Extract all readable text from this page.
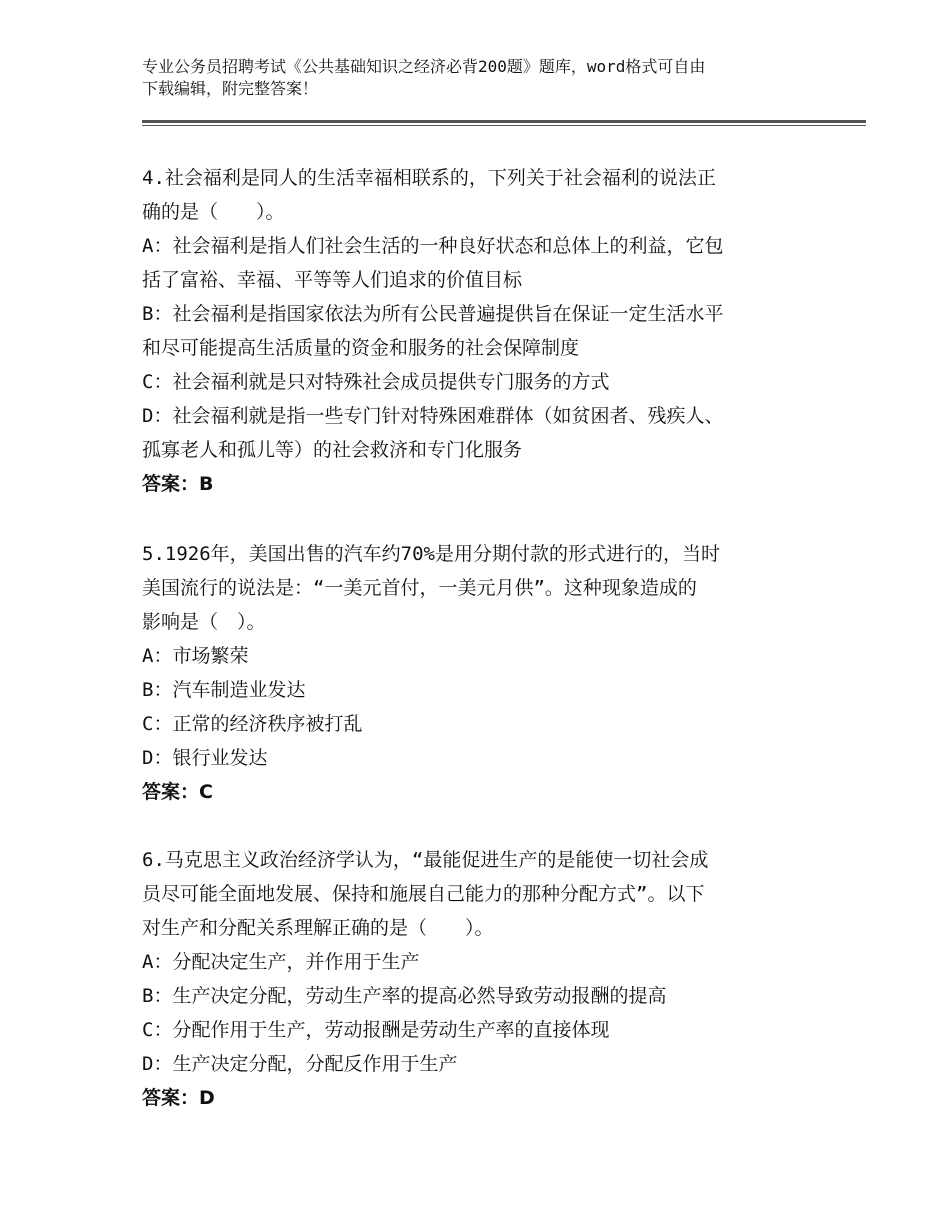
专业公务员招聘考试《公共基础知识之经济必背200题》题库，word格式可自由
下载编辑，附完整答案！
4.社会福利是同人的生活幸福相联系的，下列关于社会福利的说法正
确的是（　　）。
A：社会福利是指人们社会生活的一种良好状态和总体上的利益，它包
括了富裕、幸福、平等等人们追求的价值目标
B：社会福利是指国家依法为所有公民普遍提供旨在保证一定生活水平
和尽可能提高生活质量的资金和服务的社会保障制度
C：社会福利就是只对特殊社会成员提供专门服务的方式
D：社会福利就是指一些专门针对特殊困难群体（如贫困者、残疾人、
孤寡老人和孤儿等）的社会救济和专门化服务
答案：B
5.1926年，美国出售的汽车约70%是用分期付款的形式进行的，当时
美国流行的说法是：“一美元首付，一美元月供”。这种现象造成的
影响是（　）。
A：市场繁荣
B：汽车制造业发达
C：正常的经济秩序被打乱
D：银行业发达
答案：C
6.马克思主义政治经济学认为，“最能促进生产的是能使一切社会成
员尽可能全面地发展、保持和施展自己能力的那种分配方式”。以下
对生产和分配关系理解正确的是（　　）。
A：分配决定生产，并作用于生产
B：生产决定分配，劳动生产率的提高必然导致劳动报酬的提高
C：分配作用于生产，劳动报酬是劳动生产率的直接体现
D：生产决定分配，分配反作用于生产
答案：D
